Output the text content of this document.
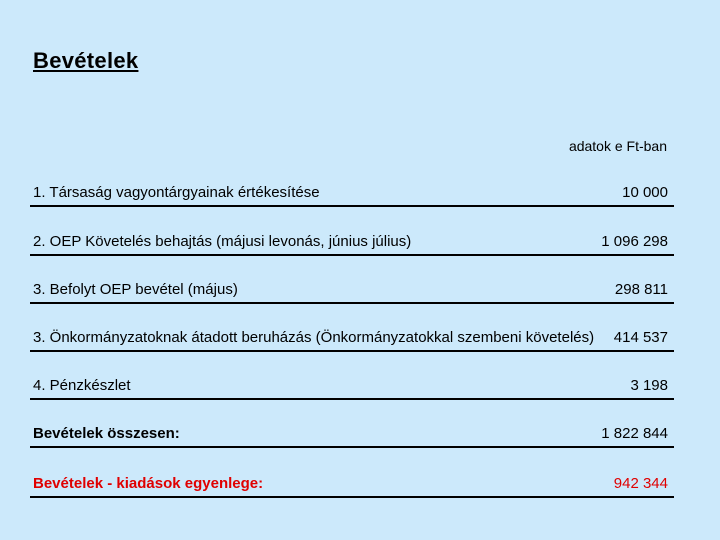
Bevételek
adatok e Ft-ban
1. Társaság vagyontárgyainak értékesítése	10 000
2. OEP Követelés behajtás (májusi levonás, június július)	1 096 298
3. Befolyt OEP bevétel (május)	298 811
3. Önkormányzatoknak átadott beruházás (Önkormányzatokkal szembeni követelés)	414 537
4. Pénzkészlet	3 198
Bevételek összesen:	1 822 844
Bevételek - kiadások egyenlege:	942 344
